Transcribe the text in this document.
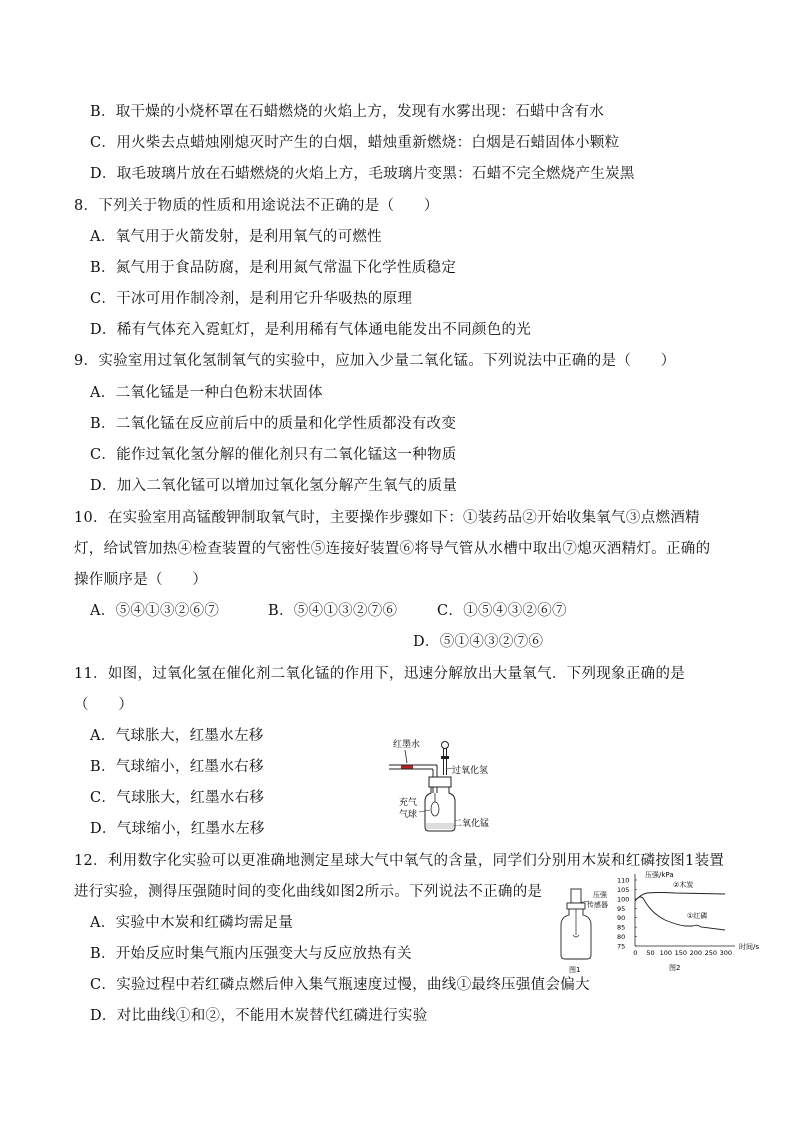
B．取干燥的小烧杯罩在石蜡燃烧的火焰上方，发现有水雾出现：石蜡中含有水
C．用火柴去点蜡烛刚熄灭时产生的白烟，蜡烛重新燃烧：白烟是石蜡固体小颗粒
D．取毛玻璃片放在石蜡燃烧的火焰上方，毛玻璃片变黑：石蜡不完全燃烧产生炭黑
8．下列关于物质的性质和用途说法不正确的是（　　）
A．氧气用于火箭发射，是利用氧气的可燃性
B．氮气用于食品防腐，是利用氮气常温下化学性质稳定
C．干冰可用作制冷剂，是利用它升华吸热的原理
D．稀有气体充入霓虹灯，是利用稀有气体通电能发出不同颜色的光
9．实验室用过氧化氢制氧气的实验中，应加入少量二氧化锰。下列说法中正确的是（　　）
A．二氧化锰是一种白色粉末状固体
B．二氧化锰在反应前后中的质量和化学性质都没有改变
C．能作过氧化氢分解的催化剂只有二氧化锰这一种物质
D．加入二氧化锰可以增加过氧化氢分解产生氧气的质量
10．在实验室用高锰酸钾制取氧气时，主要操作步骤如下：①装药品②开始收集氧气③点燃酒精
灯，给试管加热④检查装置的气密性⑤连接好装置⑥将导气管从水槽中取出⑦熄灭酒精灯。正确的
操作顺序是（　　）
A．⑤④①③②⑥⑦	B．⑤④①③②⑦⑥	C．①⑤④③②⑥⑦
D．⑤①④③②⑦⑥
11．如图，过氧化氢在催化剂二氧化锰的作用下，迅速分解放出大量氧气．下列现象正确的是
（　　）
A．气球胀大，红墨水左移
B．气球缩小，红墨水右移
C．气球胀大，红墨水右移
D．气球缩小，红墨水左移
红墨水
过氧化氢
充气
气球
二氧化锰
12．利用数字化实验可以更准确地测定星球大气中氧气的含量，同学们分别用木炭和红磷按图1装置
进行实验，测得压强随时间的变化曲线如图2所示。下列说法不正确的是
A．实验中木炭和红磷均需足量
B．开始反应时集气瓶内压强变大与反应放热有关
C．实验过程中若红磷点燃后伸入集气瓶速度过慢，曲线①最终压强值会偏大
D．对比曲线①和②，不能用木炭替代红磷进行实验
压强
传感器
图1
压强/kPa
110
105
100
95
90
85
80
75
0 50 100 150 200 250 300
时间/s
②木炭
①红磷
图2
